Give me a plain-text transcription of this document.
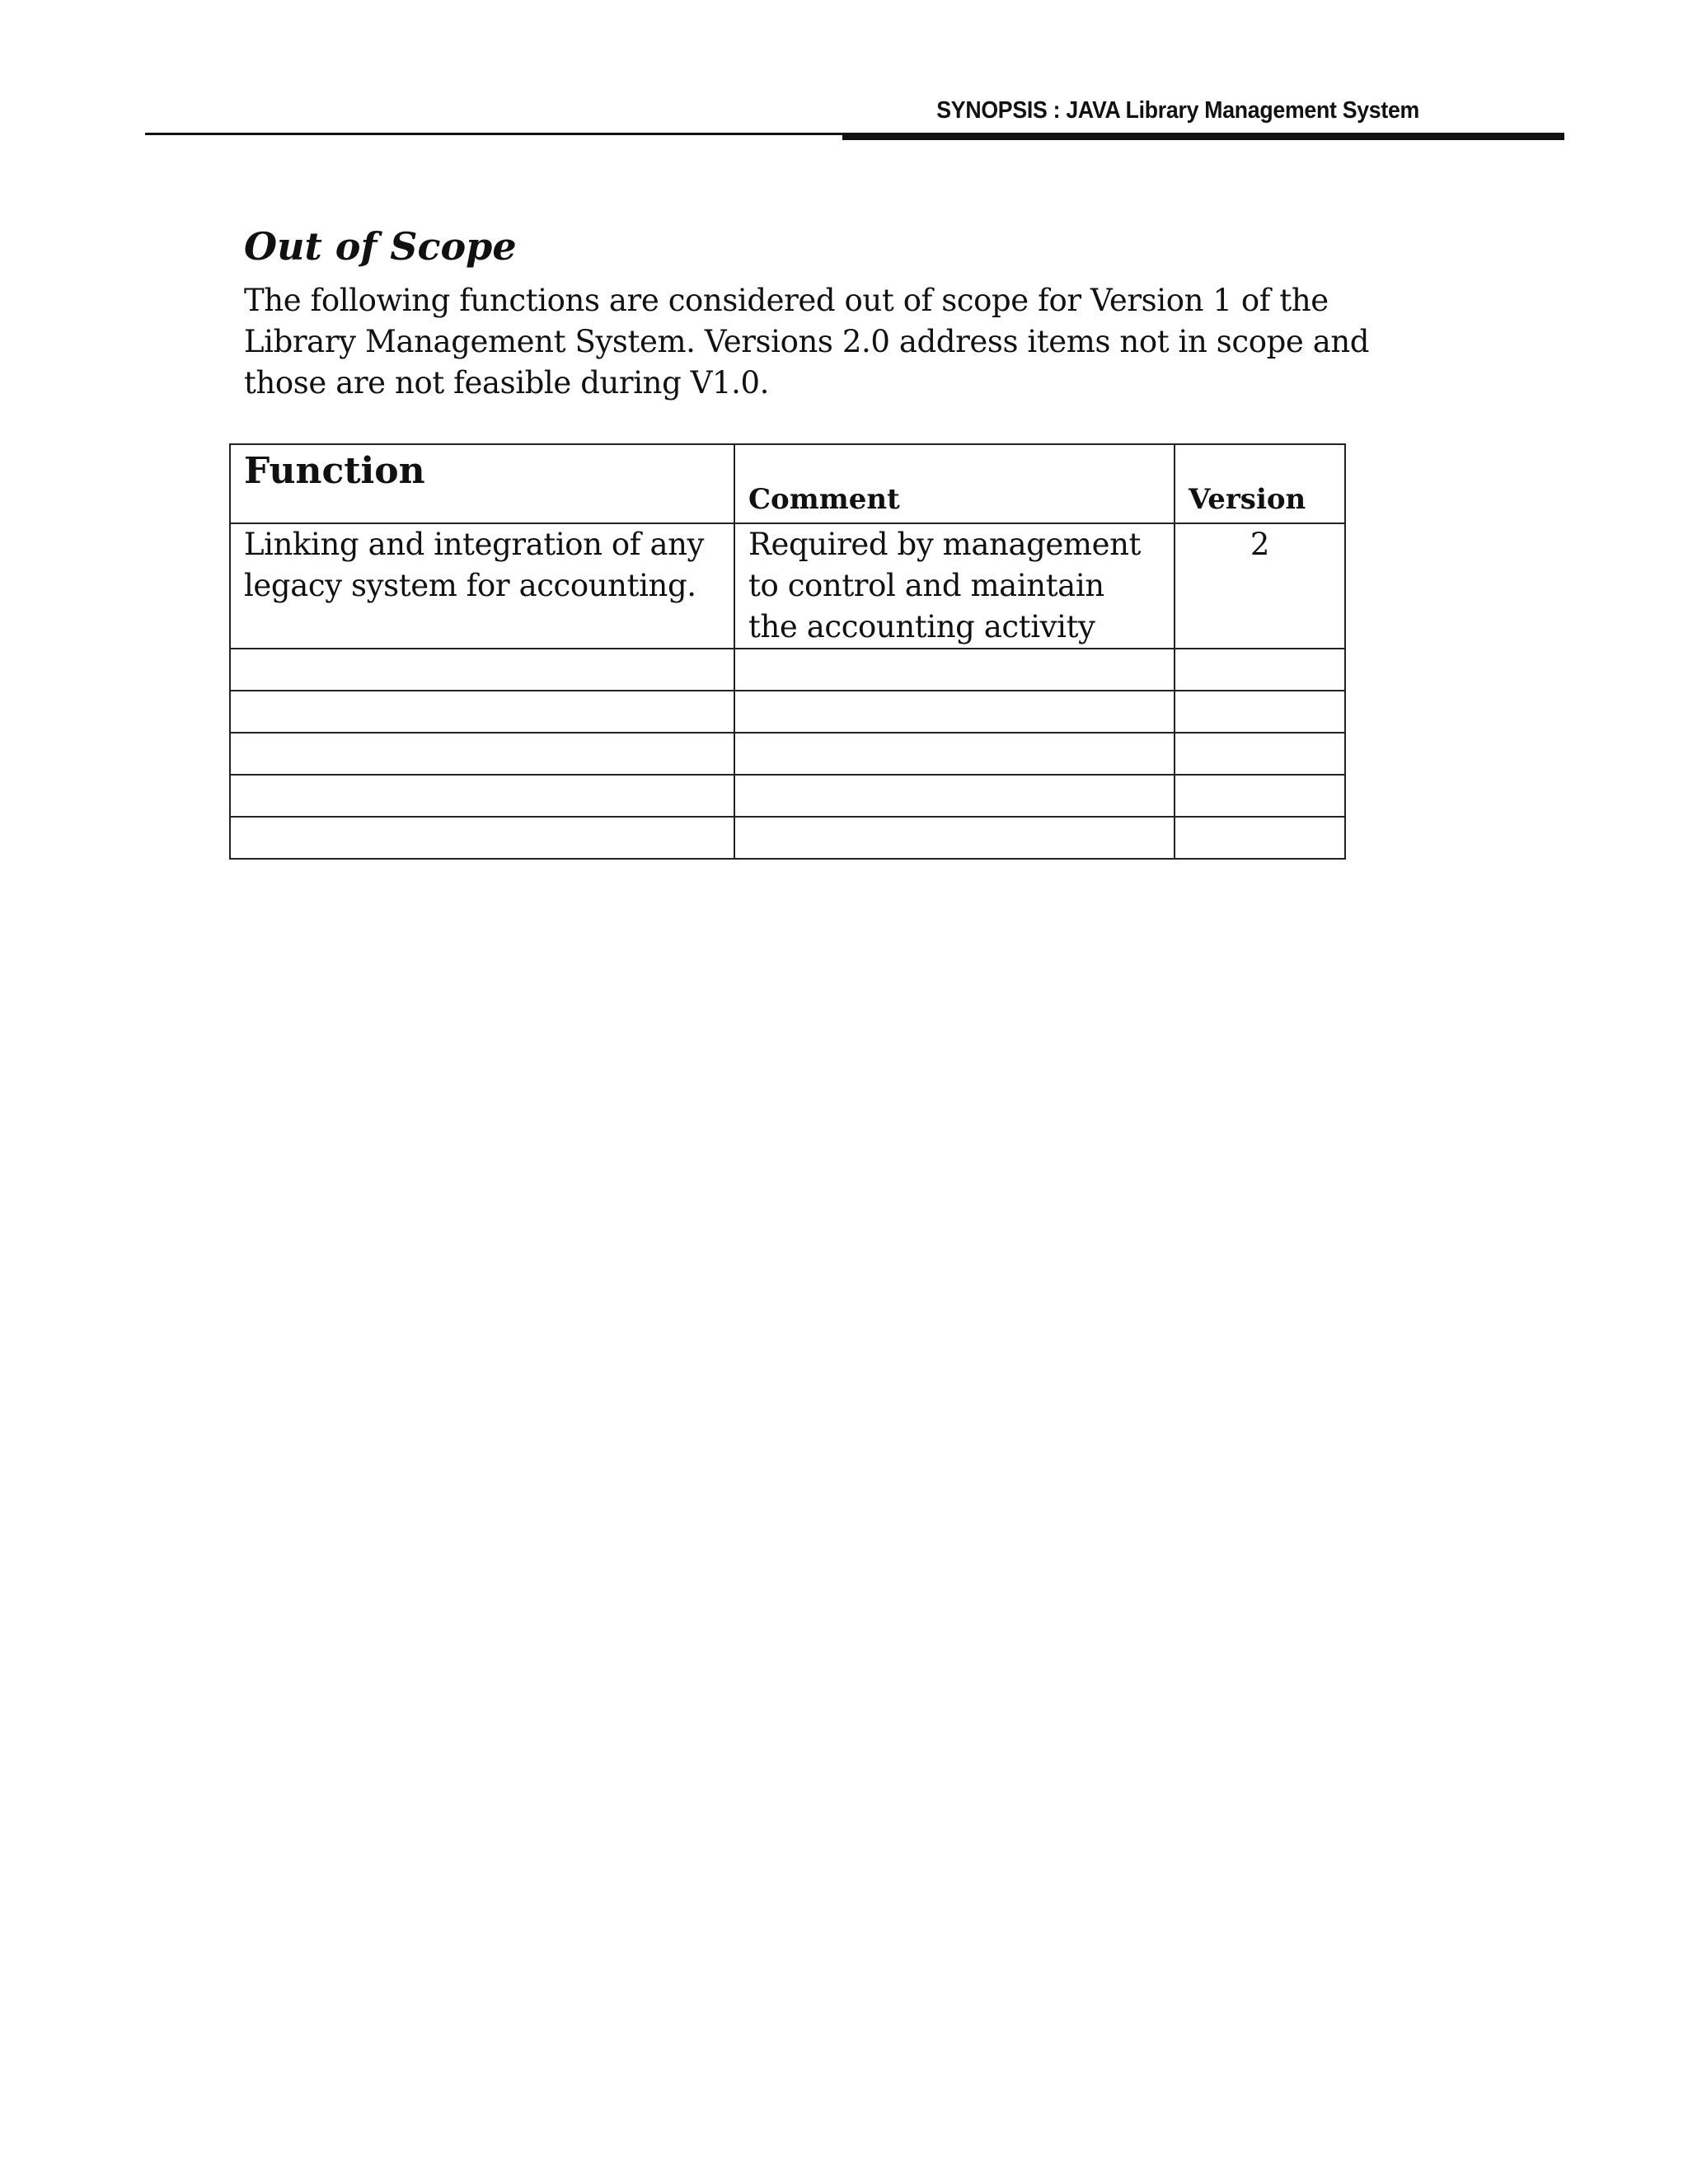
SYNOPSIS : JAVA Library Management System
Out of Scope

The following functions are considered out of scope for Version 1 of the Library Management System. Versions 2.0 address items not in scope and those are not feasible during V1.0.

Function	Comment	Version
Linking and integration of any legacy system for accounting.	Required by management to control and maintain the accounting activity	2
